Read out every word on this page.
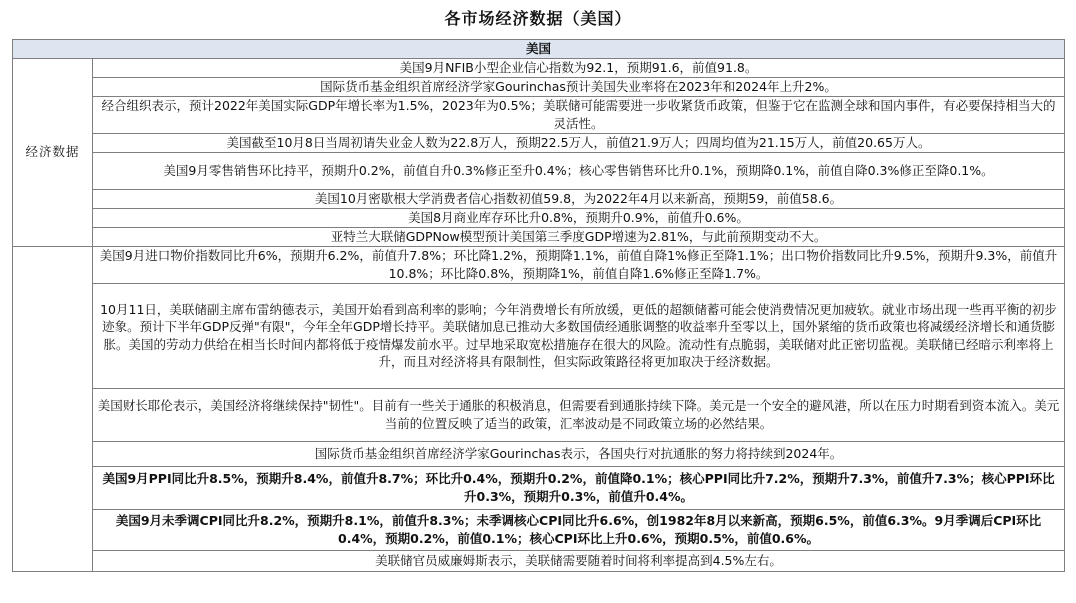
各市场经济数据（美国）
美国	
经济数据	美国9月NFIB小型企业信心指数为92.1，预期91.6，前值91.8。
	国际货币基金组织首席经济学家Gourinchas预计美国失业率将在2023年和2024年上升2%。
	经合组织表示，预计2022年美国实际GDP年增长率为1.5%，2023年为0.5%；美联储可能需要进一步收紧货币政策，但鉴于它在监测全球和国内事件，有必要保持相当大的灵活性。
	美国截至10月8日当周初请失业金人数为22.8万人，预期22.5万人，前值21.9万人；四周均值为21.15万人，前值20.65万人。
	美国9月零售销售环比持平，预期升0.2%，前值自升0.3%修正至升0.4%；核心零售销售环比升0.1%，预期降0.1%，前值自降0.3%修正至降0.1%。
	美国10月密歇根大学消费者信心指数初值59.8，为2022年4月以来新高，预期59，前值58.6。
	美国8月商业库存环比升0.8%，预期升0.9%，前值升0.6%。
	亚特兰大联储GDPNow模型预计美国第三季度GDP增速为2.81%，与此前预期变动不大。
	美国9月进口物价指数同比升6%，预期升6.2%，前值升7.8%；环比降1.2%，预期降1.1%，前值自降1%修正至降1.1%；出口物价指数同比升9.5%，预期升9.3%，前值升10.8%；环比降0.8%，预期降1%，前值自降1.6%修正至降1.7%。
	10月11日，美联储副主席布雷纳德表示，美国开始看到高利率的影响；今年消费增长有所放缓，更低的超额储蓄可能会使消费情况更加疲软。就业市场出现一些再平衡的初步迹象。预计下半年GDP反弹"有限"，今年全年GDP增长持平。美联储加息已推动大多数国债经通胀调整的收益率升至零以上，国外紧缩的货币政策也将减缓经济增长和通货膨胀。美国的劳动力供给在相当长时间内都将低于疫情爆发前水平。过早地采取宽松措施存在很大的风险。流动性有点脆弱，美联储对此正密切监视。美联储已经暗示利率将上升，而且对经济将具有限制性，但实际政策路径将更加取决于经济数据。
	美国财长耶伦表示，美国经济将继续保持"韧性"。目前有一些关于通胀的积极消息，但需要看到通胀持续下降。美元是一个安全的避风港，所以在压力时期看到资本流入。美元当前的位置反映了适当的政策，汇率波动是不同政策立场的必然结果。
	国际货币基金组织首席经济学家Gourinchas表示，各国央行对抗通胀的努力将持续到2024年。
	美国9月PPI同比升8.5%，预期升8.4%，前值升8.7%；环比升0.4%，预期升0.2%，前值降0.1%；核心PPI同比升7.2%，预期升7.3%，前值升7.3%；核心PPI环比升0.3%，预期升0.3%，前值升0.4%。
	美国9月未季调CPI同比升8.2%，预期升8.1%，前值升8.3%；未季调核心CPI同比升6.6%，创1982年8月以来新高，预期6.5%，前值6.3%。9月季调后CPI环比0.4%，预期0.2%，前值0.1%；核心CPI环比上升0.6%，预期0.5%，前值0.6%。
	美联储官员威廉姆斯表示，美联储需要随着时间将利率提高到4.5%左右。
